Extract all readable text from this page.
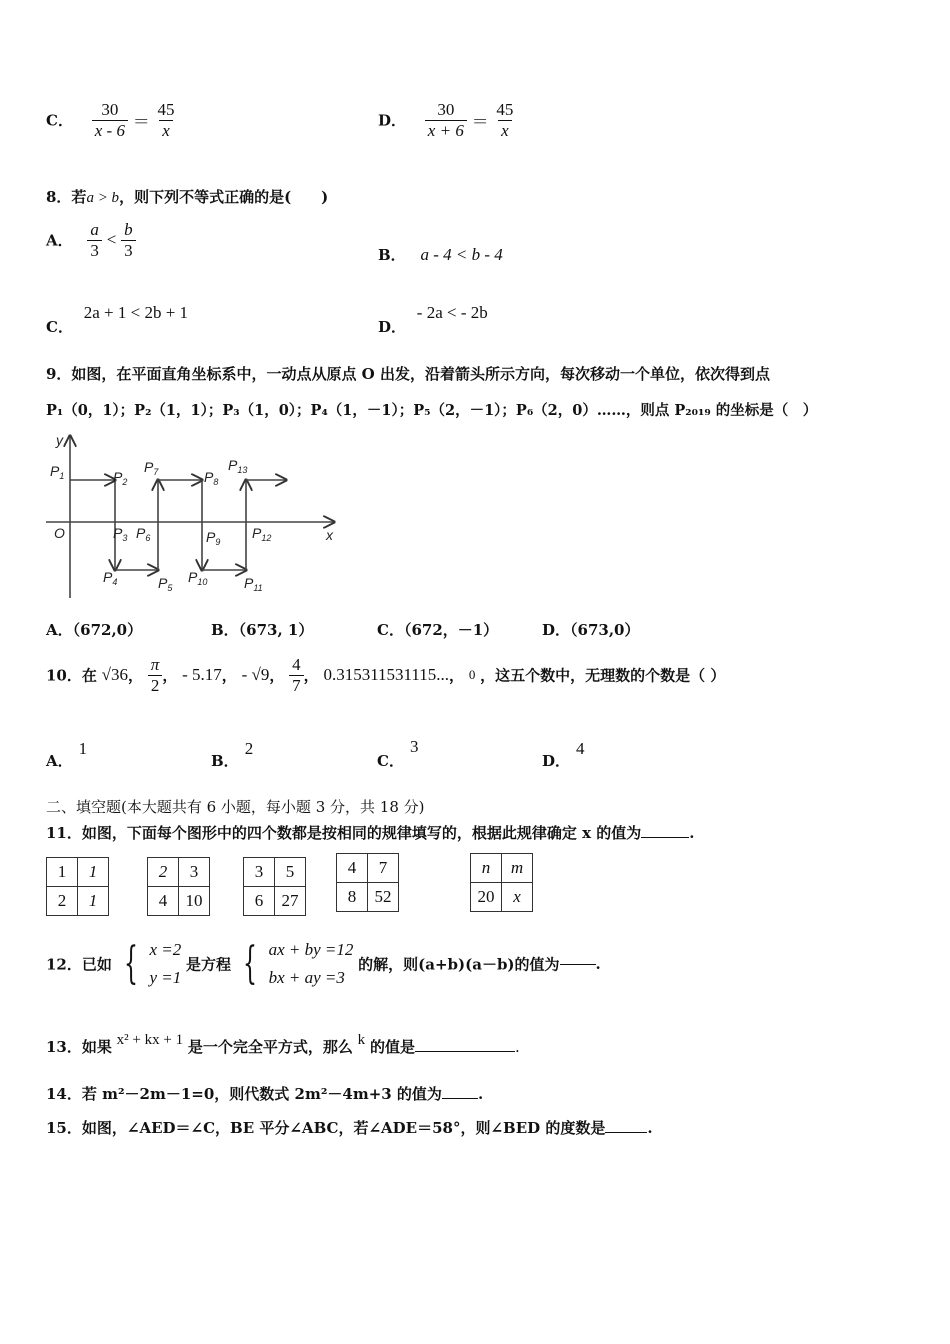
C． $\frac{30}{x - 6} = \frac{45}{x}$	D． $\frac{30}{x + 6} = \frac{45}{x}$
8．若a > b，则下列不等式正确的是(　　)
A． $\frac{a}{3} < \frac{b}{3}$	B． a - 4 < b - 4
C． 2a + 1 < 2b + 1
D． - 2a < - 2b
9．如图，在平面直角坐标系中，一动点从原点 O 出发，沿着箭头所示方向，每次移动一个单位，依次得到点
P₁（0，1）；P₂（1，1）；P₃（1，0）；P₄（1，－1）；P₅（2，－1）；P₆（2，0）……，则点 P₂₀₁₉ 的坐标是（　）
y
x
O
$P_1$	$P_2$
$P_3$
$P_4$	$P_5$
$P_6$
$P_7$	$P_8$
$P_9$
$P_{10}$	$P_{11}$
$P_{12}$
$P_{13}$
A．（672,0）	B．（673, 1）	C．（672，－1）	D．（673,0）
10．在 √36， $\frac{\pi}{2}$ ， - 5.17， - √9， $\frac{4}{7}$ ， 0.315311531115...， 0 ，这五个数中，无理数的个数是（ ）
A．1
B．2
C．3
D．4
二、填空题(本大题共有 6 小题，每小题 3 分，共 18 分)
11．如图，下面每个图形中的四个数都是按相同的规律填写的，根据此规律确定 x 的值为	.
1	1
2	1
2	3
4	10
3	5
6	27
4	7
8	52
n	m
20	x
12．已如 { x =2
y =1
是方程 { ax + by =12
bx + ay =3
的解，则(a+b)(a－b)的值为 .
13．如果 x² + kx + 1 是一个完全平方式，那么 k 的值是	.
14．若 m²－2m－1=0，则代数式 2m²－4m+3 的值为 .
15．如图，∠AED＝∠C，BE 平分∠ABC，若∠ADE＝58°，则∠BED 的度数是	.
